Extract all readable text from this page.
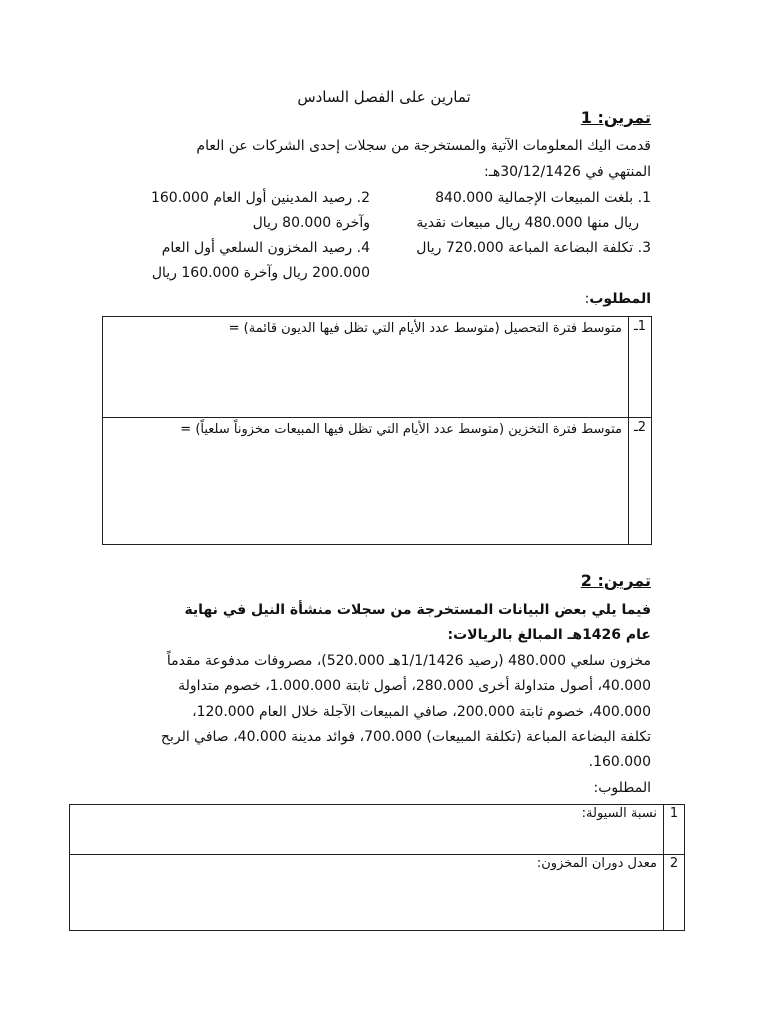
تمارين على الفصل السادس
تمرين: 1
قدمت اليك المعلومات الآتية والمستخرجة من سجلات إحدى الشركات عن العام
المنتهي في 30/12/1426هـ:
1. بلغت المبيعات الإجمالية 840.000
ريال منها 480.000 ريال مبيعات نقدية
2. رصيد المدينين أول العام 160.000
وآخرة 80.000 ريال
3. تكلفة البضاعة المباعة 720.000 ريال
4. رصيد المخزون السلعي أول العام
200.000 ريال وآخرة 160.000 ريال
المطلوب:
1ـ	متوسط فترة التحصيل (متوسط عدد الأيام التي تظل فيها الديون قائمة) =
2ـ	متوسط فترة التخزين (متوسط عدد الأيام التي تظل فيها المبيعات مخزوناً سلعياً) =
تمرين: 2
فيما يلي بعض البيانات المستخرجة من سجلات منشأة النيل في نهاية
عام 1426هـ المبالغ بالريالات:
مخزون سلعي 480.000 (رصيد 1/1/1426هـ 520.000)، مصروفات مدفوعة مقدماً
40.000، أصول متداولة أخرى 280.000، أصول ثابتة 1.000.000، خصوم متداولة
400.000، خصوم ثابتة 200.000، صافي المبيعات الآجلة خلال العام 120.000،
تكلفة البضاعة المباعة (تكلفة المبيعات) 700.000، فوائد مدينة 40.000، صافي الربح
160.000.
المطلوب:
1	نسبة السيولة:
2	معدل دوران المخزون:
